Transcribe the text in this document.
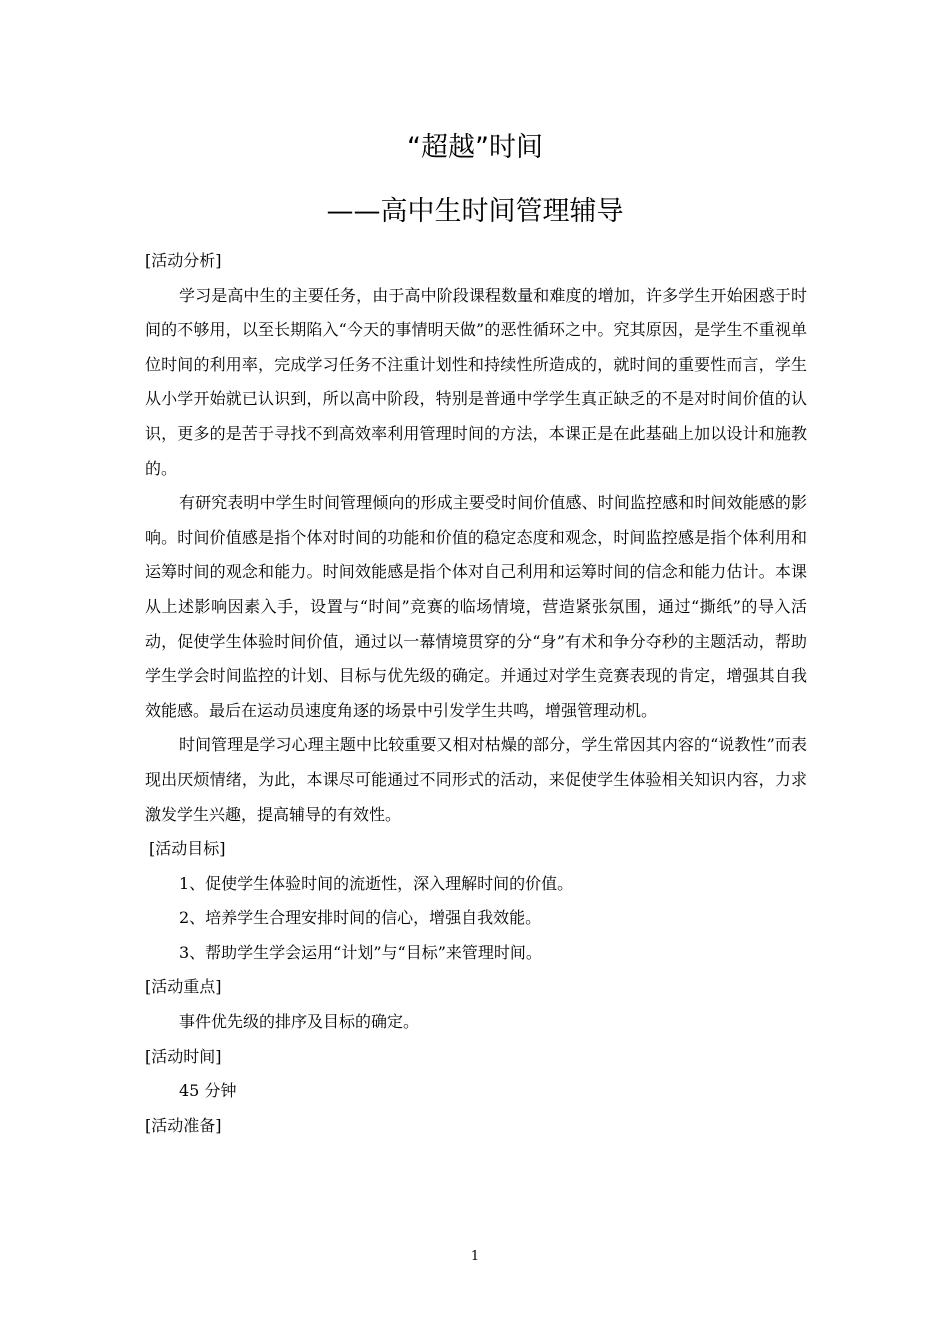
“超越”时间
——高中生时间管理辅导

[活动分析]

学习是高中生的主要任务，由于高中阶段课程数量和难度的增加，许多学生开始困惑于时间的不够用，以至长期陷入“今天的事情明天做”的恶性循环之中。究其原因，是学生不重视单位时间的利用率，完成学习任务不注重计划性和持续性所造成的，就时间的重要性而言，学生从小学开始就已认识到，所以高中阶段，特别是普通中学学生真正缺乏的不是对时间价值的认识，更多的是苦于寻找不到高效率利用管理时间的方法，本课正是在此基础上加以设计和施教的。

有研究表明中学生时间管理倾向的形成主要受时间价值感、时间监控感和时间效能感的影响。时间价值感是指个体对时间的功能和价值的稳定态度和观念，时间监控感是指个体利用和运筹时间的观念和能力。时间效能感是指个体对自己利用和运筹时间的信念和能力估计。本课从上述影响因素入手，设置与“时间”竞赛的临场情境，营造紧张氛围，通过“撕纸”的导入活动，促使学生体验时间价值，通过以一幕情境贯穿的分“身”有术和争分夺秒的主题活动，帮助学生学会时间监控的计划、目标与优先级的确定。并通过对学生竞赛表现的肯定，增强其自我效能感。最后在运动员速度角逐的场景中引发学生共鸣，增强管理动机。

时间管理是学习心理主题中比较重要又相对枯燥的部分，学生常因其内容的“说教性”而表现出厌烦情绪，为此，本课尽可能通过不同形式的活动，来促使学生体验相关知识内容，力求激发学生兴趣，提高辅导的有效性。

[活动目标]

1、促使学生体验时间的流逝性，深入理解时间的价值。

2、培养学生合理安排时间的信心，增强自我效能。

3、帮助学生学会运用“计划”与“目标”来管理时间。

[活动重点]

事件优先级的排序及目标的确定。

[活动时间]

45 分钟

[活动准备]

1
